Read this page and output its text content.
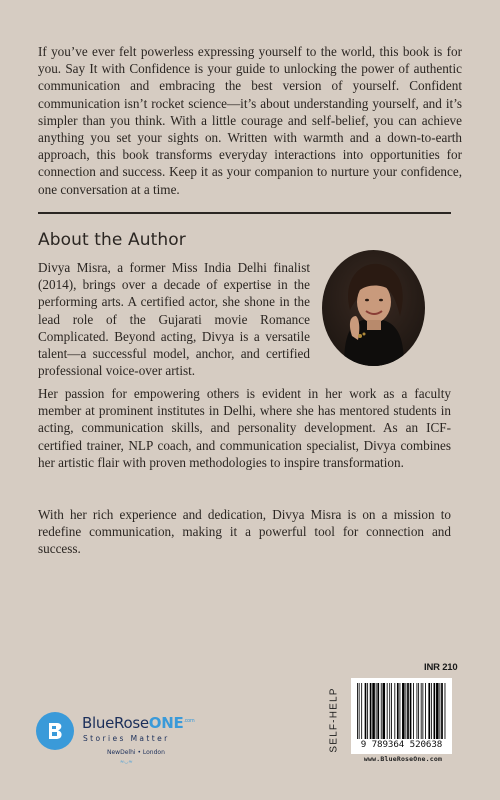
If you’ve ever felt powerless expressing yourself to the world, this book is for you. Say It with Confidence is your guide to unlocking the power of authentic communication and embracing the best version of yourself. Confident communication isn’t rocket science—it’s about understanding yourself, and it’s simpler than you think. With a little courage and self-belief, you can achieve anything you set your sights on. Written with warmth and a down-to-earth approach, this book transforms everyday interactions into opportunities for connection and success. Keep it as your companion to nurture your confidence, one conversation at a time.

About the Author

Divya Misra, a former Miss India Delhi finalist (2014), brings over a decade of expertise in the performing arts. A certified actor, she shone in the lead role of the Gujarati movie Romance Complicated. Beyond acting, Divya is a versatile talent—a successful model, anchor, and certified professional voice-over artist.

Her passion for empowering others is evident in her work as a faculty member at prominent institutes in Delhi, where she has mentored students in acting, communication skills, and personality development. As an ICF-certified trainer, NLP coach, and communication specialist, Divya combines her artistic flair with proven methodologies to inspire transformation.

With her rich experience and dedication, Divya Misra is on a mission to redefine communication, making it a powerful tool for connection and success.

BlueRoseONE$^{.com}$
Stories Matter
NewDelhi • London
≈◡≈
INR 210
SELF-HELP	9 789364 520638
www.BlueRoseOne.com
